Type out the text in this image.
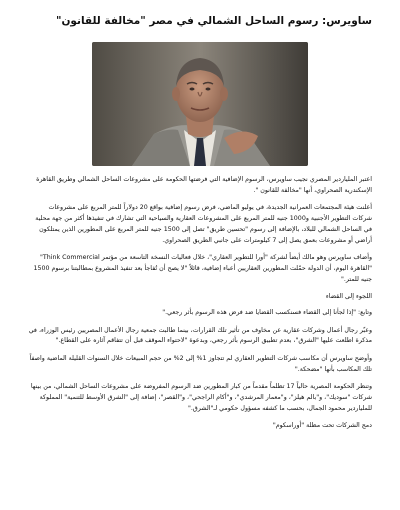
ساويرس: رسوم الساحل الشمالي في مصر "مخالفة للقانون"

اعتبر الملياردير المصري نجيب ساويرس، الرسوم الإضافية التي فرضتها الحكومة على مشروعات الساحل الشمالي وطريق القاهرة الإسكندرية الصحراوي، أنها "مخالفة للقانون ".

أعلنت هيئة المجتمعات العمرانية الجديدة، في يوليو الماضي، فرض رسوم إضافية بواقع 20 دولاراً للمتر المربع على مشروعات شركات التطوير الأجنبية و1000 جنيه للمتر المربع على المشروعات العقارية والسياحية التي تشارك في تنفيذها أكثر من جهة محلية في الساحل الشمالي للبلاد، بالإضافة إلى رسوم "تحسين طريق" تصل إلى 1500 جنيه للمتر المربع على المطورين الذين يمتلكون أراضي أو مشروعات بعمق يصل إلى 7 كيلومترات على جانبي الطريق الصحراوي.

وأضاف ساويرس وهو مالك أيضاً لشركة "أورا للتطوير العقاري"، خلال فعاليات النسخة التاسعة من مؤتمر Think Commercial" "القاهرة اليوم، أن الدولة حمّلت المطورين العقاريين أعباء إضافية، قائلاً "لا يصح أن تُفاجأ بعد تنفيذ المشروع بمطالبتنا برسوم 1500 جنيه للمتر."

اللجوء إلى القضاء

وتابع: "إذا لجأنا إلى القضاء فسنكسب القضايا ضد فرض هذه الرسوم بأثر رجعي."

وعبّر رجال أعمال وشركات عقارية عن مخاوف من تأثير تلك القرارات، بينما طالبت جمعية رجال الأعمال المصريين رئيس الوزراء، في مذكرة اطلعت عليها "الشرق"، بعدم تطبيق الرسوم بأثر رجعي، وبدعوة "لاحتواء الموقف قبل أن تتفاقم آثاره على القطاع."

وأوضح ساويرس أن مكاسب شركات التطوير العقاري لم تتجاوز 1% إلى 2% من حجم المبيعات خلال السنوات القليلة الماضية واصفاً تلك المكاسب بأنها "مضحكة."

وتنظر الحكومة المصرية حالياً 17 تظلماً مقدماً من كبار المطورين ضد الرسوم المفروضة على مشروعات الساحل الشمالي، من بينها شركات "سوديك"، و"بالم هيلز"، و"معمار المرشدي"، و"أكام الراجحي"، و"القصر"، إضافة إلى "الشرق الأوسط للتنمية" المملوكة للملياردير محمود الجمال، بحسب ما كشفه مسؤول حكومي لـ"الشرق."

دمج الشركات تحت مظلة "أوراسكوم"
